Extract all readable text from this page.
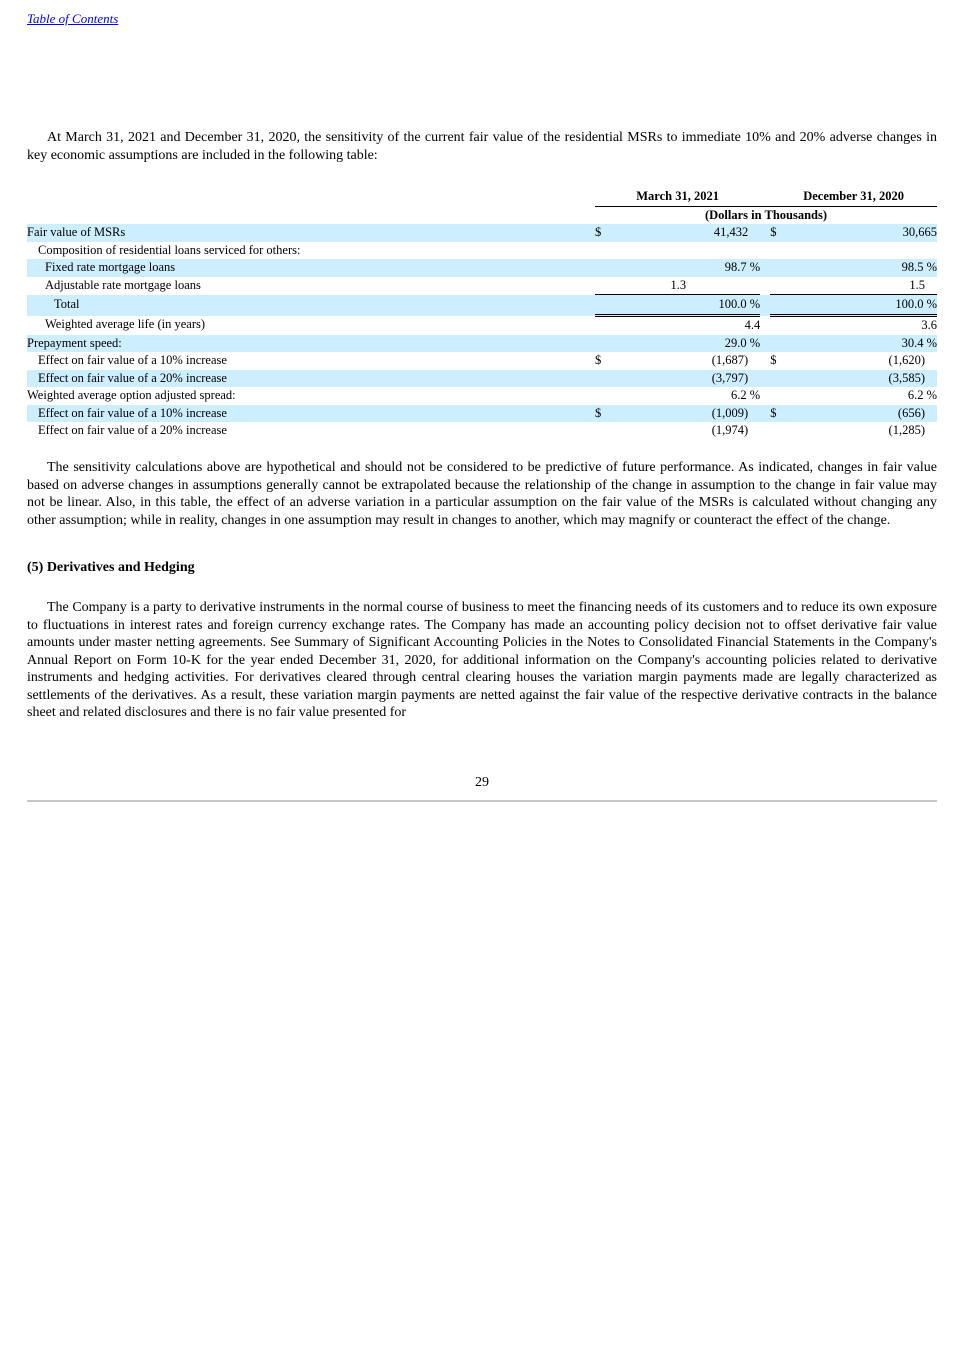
Table of Contents

At March 31, 2021 and December 31, 2020, the sensitivity of the current fair value of the residential MSRs to immediate 10% and 20% adverse changes in key economic assumptions are included in the following table:

	March 31, 2021			December 31, 2020	
	(Dollars in Thousands)				
Fair value of MSRs	$	41,432		$	30,665
Composition of residential loans serviced for others:					
Fixed rate mortgage loans		98.7 %			98.5 %
Adjustable rate mortgage loans		1.3			1.5
Total		100.0 %			100.0 %
Weighted average life (in years)		4.4			3.6
Prepayment speed:		29.0 %			30.4 %
Effect on fair value of a 10% increase	$	(1,687)		$	(1,620)
Effect on fair value of a 20% increase		(3,797)			(3,585)
Weighted average option adjusted spread:		6.2 %			6.2 %
Effect on fair value of a 10% increase	$	(1,009)		$	(656)
Effect on fair value of a 20% increase		(1,974)			(1,285)

The sensitivity calculations above are hypothetical and should not be considered to be predictive of future performance. As indicated, changes in fair value based on adverse changes in assumptions generally cannot be extrapolated because the relationship of the change in assumption to the change in fair value may not be linear. Also, in this table, the effect of an adverse variation in a particular assumption on the fair value of the MSRs is calculated without changing any other assumption; while in reality, changes in one assumption may result in changes to another, which may magnify or counteract the effect of the change.

(5) Derivatives and Hedging

The Company is a party to derivative instruments in the normal course of business to meet the financing needs of its customers and to reduce its own exposure to fluctuations in interest rates and foreign currency exchange rates. The Company has made an accounting policy decision not to offset derivative fair value amounts under master netting agreements. See Summary of Significant Accounting Policies in the Notes to Consolidated Financial Statements in the Company's Annual Report on Form 10-K for the year ended December 31, 2020, for additional information on the Company's accounting policies related to derivative instruments and hedging activities. For derivatives cleared through central clearing houses the variation margin payments made are legally characterized as settlements of the derivatives. As a result, these variation margin payments are netted against the fair value of the respective derivative contracts in the balance sheet and related disclosures and there is no fair value presented for

29
